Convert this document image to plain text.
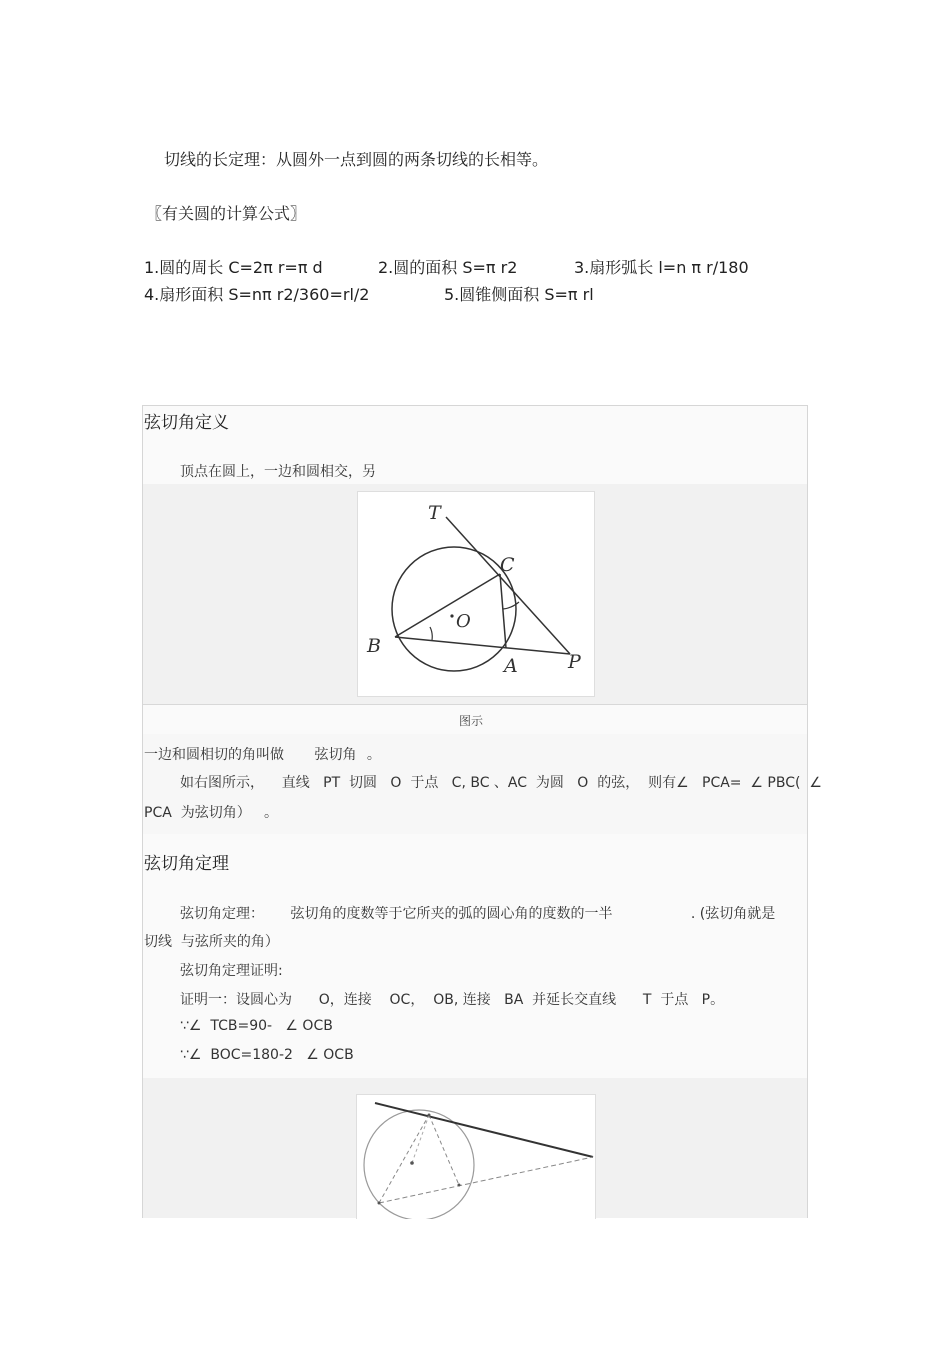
切线的长定理：从圆外一点到圆的两条切线的长相等。
〖有关圆的计算公式〗
1.圆的周长 C=2π r=π d	2.圆的面积 S=π r2	3.扇形弧长 l=n π r/180
4.扇形面积 S=nπ r2/360=rl/2	5.圆锥侧面积 S=π rl
弦切角定义
顶点在圆上，一边和圆相交，另
T
C
O
B
A	P
图示
一边和圆相切的角叫做 弦切角 。
如右图所示，    直线   PT  切圆   O  于点   C, BC 、AC  为圆   O  的弦，  则有∠   PCA=  ∠ PBC(  ∠
PCA  为弦切角）   。
弦切角定理
弦切角定理： 弦切角的度数等于它所夹的弧的圆心角的度数的一半	. (弦切角就是
切线  与弦所夹的角）
弦切角定理证明:
证明一：设圆心为      O，连接    OC，  OB, 连接   BA  并延长交直线      T  于点   P。
∵∠  TCB=90-   ∠ OCB
∵∠  BOC=180-2   ∠ OCB
